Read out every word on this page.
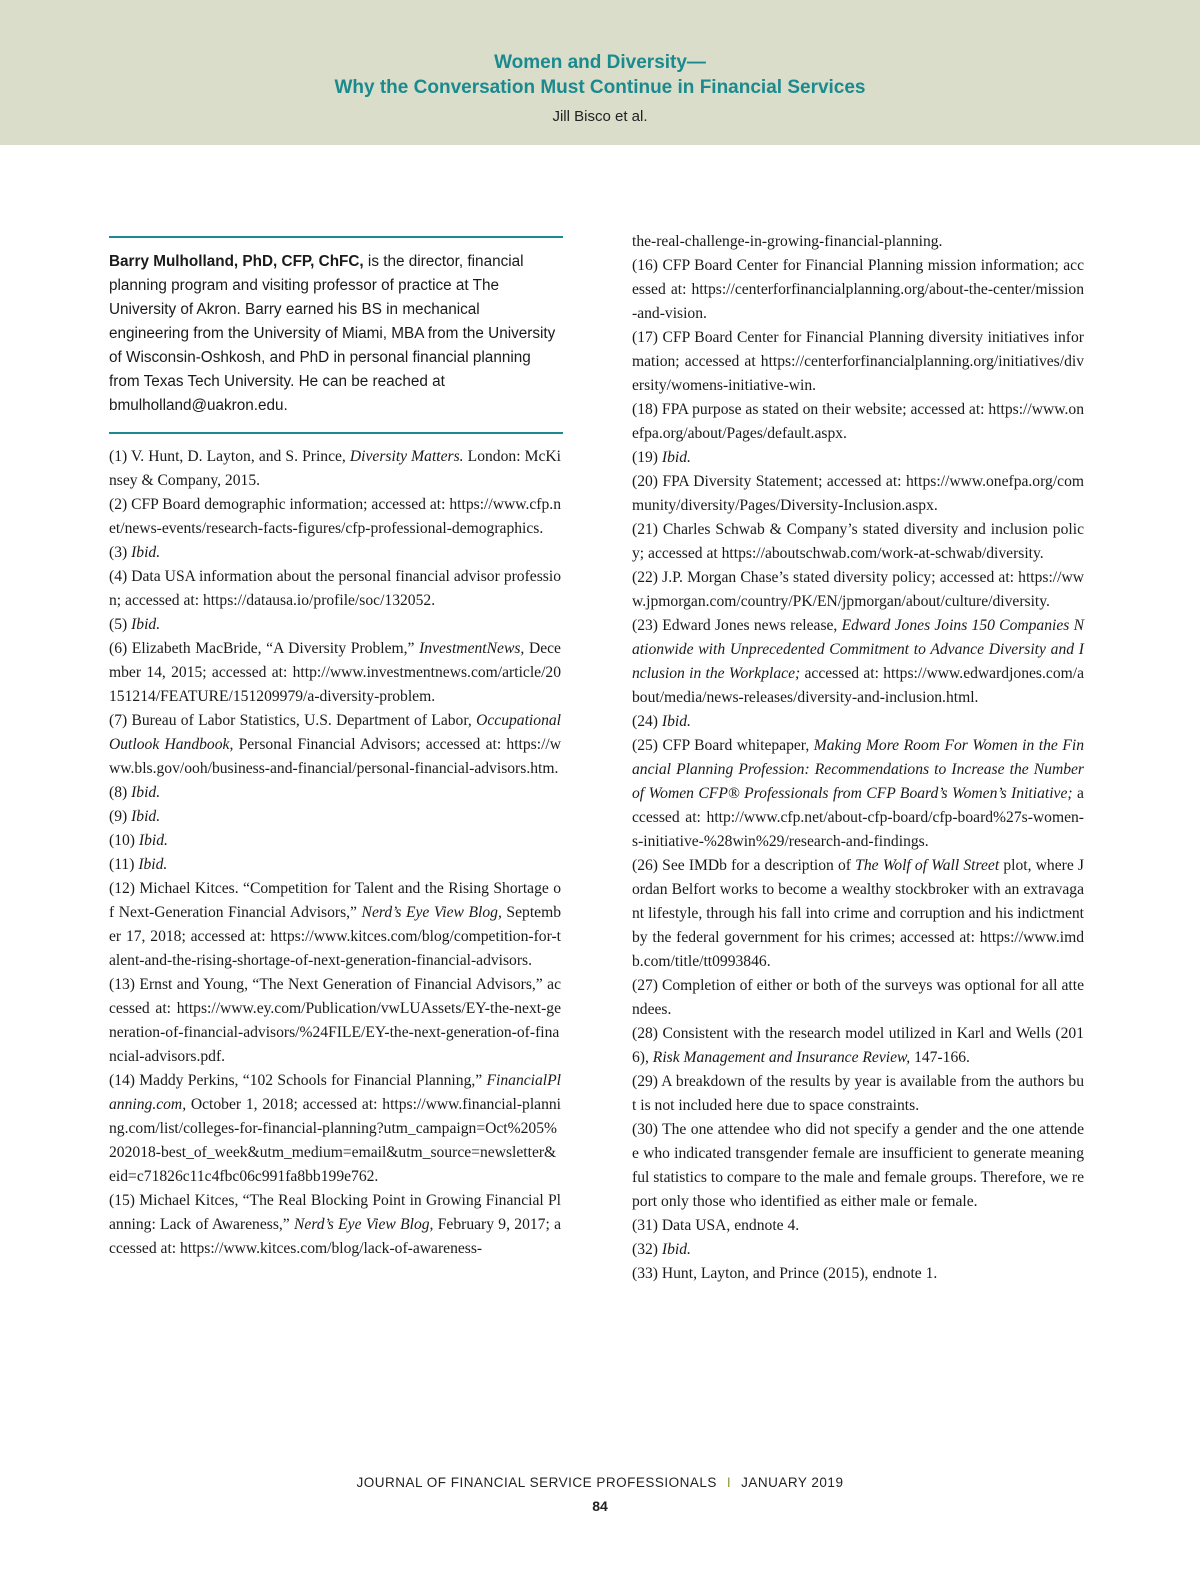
Women and Diversity—
Why the Conversation Must Continue in Financial Services
Jill Bisco et al.
Barry Mulholland, PhD, CFP, ChFC, is the director, financial planning program and visiting professor of practice at The University of Akron. Barry earned his BS in mechanical engineering from the University of Miami, MBA from the University of Wisconsin-Oshkosh, and PhD in personal financial planning from Texas Tech University. He can be reached at bmulholland@uakron.edu.

(1) V. Hunt, D. Layton, and S. Prince, Diversity Matters. London: McKinsey & Company, 2015.

(2) CFP Board demographic information; accessed at: https://www.cfp.net/news-events/research-facts-figures/cfp-professional-demographics.

(3) Ibid.

(4) Data USA information about the personal financial advisor profession; accessed at: https://datausa.io/profile/soc/132052.

(5) Ibid.

(6) Elizabeth MacBride, “A Diversity Problem,” InvestmentNews, December 14, 2015; accessed at: http://www.investmentnews.com/article/20151214/FEATURE/151209979/a-diversity-problem.

(7) Bureau of Labor Statistics, U.S. Department of Labor, Occupational Outlook Handbook, Personal Financial Advisors; accessed at: https://www.bls.gov/ooh/business-and-financial/personal-financial-advisors.htm.

(8) Ibid.

(9) Ibid.

(10) Ibid.

(11) Ibid.

(12) Michael Kitces. “Competition for Talent and the Rising Shortage of Next-Generation Financial Advisors,” Nerd’s Eye View Blog, September 17, 2018; accessed at: https://www.kitces.com/blog/competition-for-talent-and-the-rising-shortage-of-next-generation-financial-advisors.

(13) Ernst and Young, “The Next Generation of Financial Advisors,” accessed at: https://www.ey.com/Publication/vwLUAssets/EY-the-next-generation-of-financial-advisors/%24FILE/EY-the-next-generation-of-financial-advisors.pdf.

(14) Maddy Perkins, “102 Schools for Financial Planning,” FinancialPlanning.com, October 1, 2018; accessed at: https://www.financial-planning.com/list/colleges-for-financial-planning?utm_campaign=Oct%205%202018-best_of_week&utm_medium=email&utm_source=newsletter&eid=c71826c11c4fbc06c991fa8bb199e762.

(15) Michael Kitces, “The Real Blocking Point in Growing Financial Planning: Lack of Awareness,” Nerd’s Eye View Blog, February 9, 2017; accessed at: https://www.kitces.com/blog/lack-of-awareness-

the-real-challenge-in-growing-financial-planning.

(16) CFP Board Center for Financial Planning mission information; accessed at: https://centerforfinancialplanning.org/about-the-center/mission-and-vision.

(17) CFP Board Center for Financial Planning diversity initiatives information; accessed at https://centerforfinancialplanning.org/initiatives/diversity/womens-initiative-win.

(18) FPA purpose as stated on their website; accessed at: https://www.onefpa.org/about/Pages/default.aspx.

(19) Ibid.

(20) FPA Diversity Statement; accessed at: https://www.onefpa.org/community/diversity/Pages/Diversity-Inclusion.aspx.

(21) Charles Schwab & Company’s stated diversity and inclusion policy; accessed at https://aboutschwab.com/work-at-schwab/diversity.

(22) J.P. Morgan Chase’s stated diversity policy; accessed at: https://www.jpmorgan.com/country/PK/EN/jpmorgan/about/culture/diversity.

(23) Edward Jones news release, Edward Jones Joins 150 Companies Nationwide with Unprecedented Commitment to Advance Diversity and Inclusion in the Workplace; accessed at: https://www.edwardjones.com/about/media/news-releases/diversity-and-inclusion.html.

(24) Ibid.

(25) CFP Board whitepaper, Making More Room For Women in the Financial Planning Profession: Recommendations to Increase the Number of Women CFP® Professionals from CFP Board’s Women’s Initiative; accessed at: http://www.cfp.net/about-cfp-board/cfp-board%27s-women-s-initiative-%28win%29/research-and-findings.

(26) See IMDb for a description of The Wolf of Wall Street plot, where Jordan Belfort works to become a wealthy stockbroker with an extravagant lifestyle, through his fall into crime and corruption and his indictment by the federal government for his crimes; accessed at: https://www.imdb.com/title/tt0993846.

(27) Completion of either or both of the surveys was optional for all attendees.

(28) Consistent with the research model utilized in Karl and Wells (2016), Risk Management and Insurance Review, 147-166.

(29) A breakdown of the results by year is available from the authors but is not included here due to space constraints.

(30) The one attendee who did not specify a gender and the one attendee who indicated transgender female are insufficient to generate meaningful statistics to compare to the male and female groups. Therefore, we report only those who identified as either male or female.

(31) Data USA, endnote 4.

(32) Ibid.

(33) Hunt, Layton, and Prince (2015), endnote 1.

JOURNAL OF FINANCIAL SERVICE PROFESSIONALS I JANUARY 2019
84
